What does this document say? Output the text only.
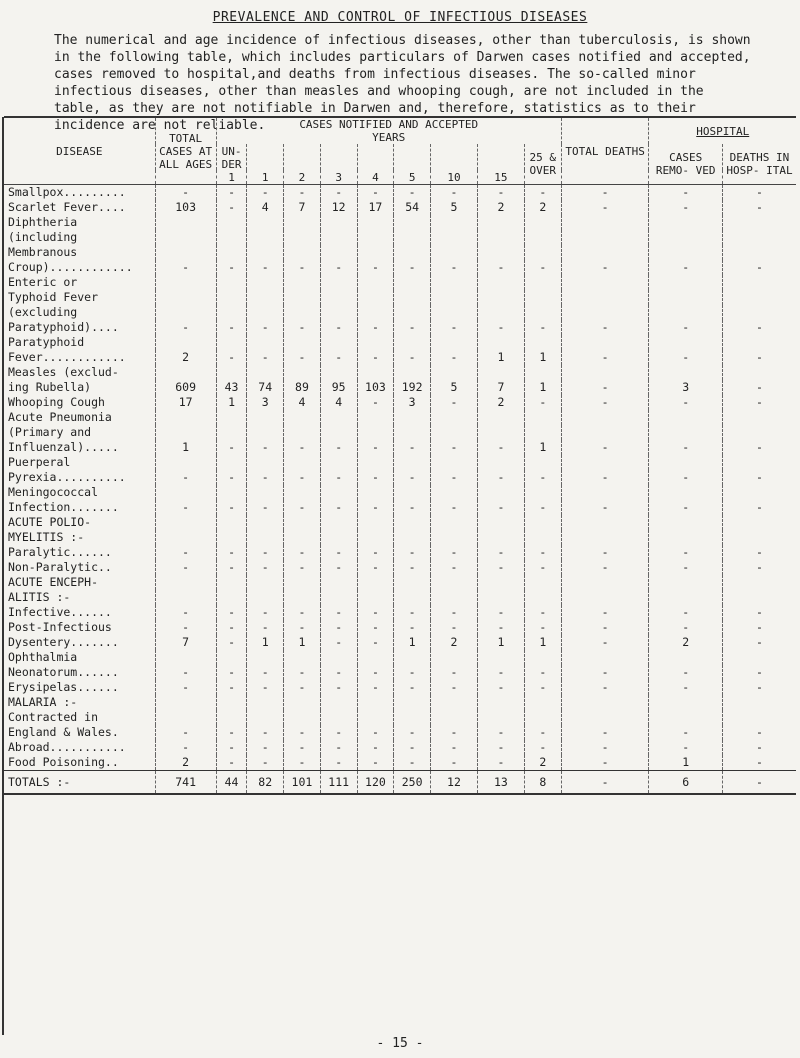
PREVALENCE AND CONTROL OF INFECTIOUS DISEASES
The numerical and age incidence of infectious diseases, other than tuberculosis, is shown in the following table, which includes particulars of Darwen cases notified and accepted, cases removed to hospital,and deaths from infectious diseases. The so-called minor infectious diseases, other than measles and whooping cough, are not included in the table, as they are not notifiable in Darwen and, therefore, statistics as to their incidence are not reliable.
DISEASE	TOTAL CASES AT ALL AGES	CASES NOTIFIED AND ACCEPTED
YEARS									TOTAL DEATHS	HOSPITAL	
		UN- DER 1								25 & OVER		CASES REMO- VED	DEATHS IN HOSP- ITAL
			1	2	3	4	5	10	15				
Smallpox.........	-	-	-	-	-	-	-	-	-	-	-	-	-
Scarlet Fever....	103	-	4	7	12	17	54	5	2	2	-	-	-
Diphtheria													
(including													
Membranous													
Croup)............	-	-	-	-	-	-	-	-	-	-	-	-	-
Enteric or													
Typhoid Fever													
(excluding													
Paratyphoid)....	-	-	-	-	-	-	-	-	-	-	-	-	-
Paratyphoid													
Fever............	2	-	-	-	-	-	-	-	1	1	-	-	-
Measles (exclud-													
ing Rubella)	609	43	74	89	95	103	192	5	7	1	-	3	-
Whooping Cough	17	1	3	4	4	-	3	-	2	-	-	-	-
Acute Pneumonia													
(Primary and													
Influenzal).....	1	-	-	-	-	-	-	-	-	1	-	-	-
Puerperal													
Pyrexia..........	-	-	-	-	-	-	-	-	-	-	-	-	-
Meningococcal													
Infection.......	-	-	-	-	-	-	-	-	-	-	-	-	-
ACUTE POLIO-													
MYELITIS :-													
Paralytic......	-	-	-	-	-	-	-	-	-	-	-	-	-
Non-Paralytic..	-	-	-	-	-	-	-	-	-	-	-	-	-
ACUTE ENCEPH-													
ALITIS :-													
Infective......	-	-	-	-	-	-	-	-	-	-	-	-	-
Post-Infectious	-	-	-	-	-	-	-	-	-	-	-	-	-
Dysentery.......	7	-	1	1	-	-	1	2	1	1	-	2	-
Ophthalmia													
Neonatorum......	-	-	-	-	-	-	-	-	-	-	-	-	-
Erysipelas......	-	-	-	-	-	-	-	-	-	-	-	-	-
MALARIA :-													
Contracted in													
England & Wales.	-	-	-	-	-	-	-	-	-	-	-	-	-
Abroad...........	-	-	-	-	-	-	-	-	-	-	-	-	-
Food Poisoning..	2	-	-	-	-	-	-	-	-	2	-	1	-
TOTALS :-	741	44	82	101	111	120	250	12	13	8	-	6	-
- 15 -
